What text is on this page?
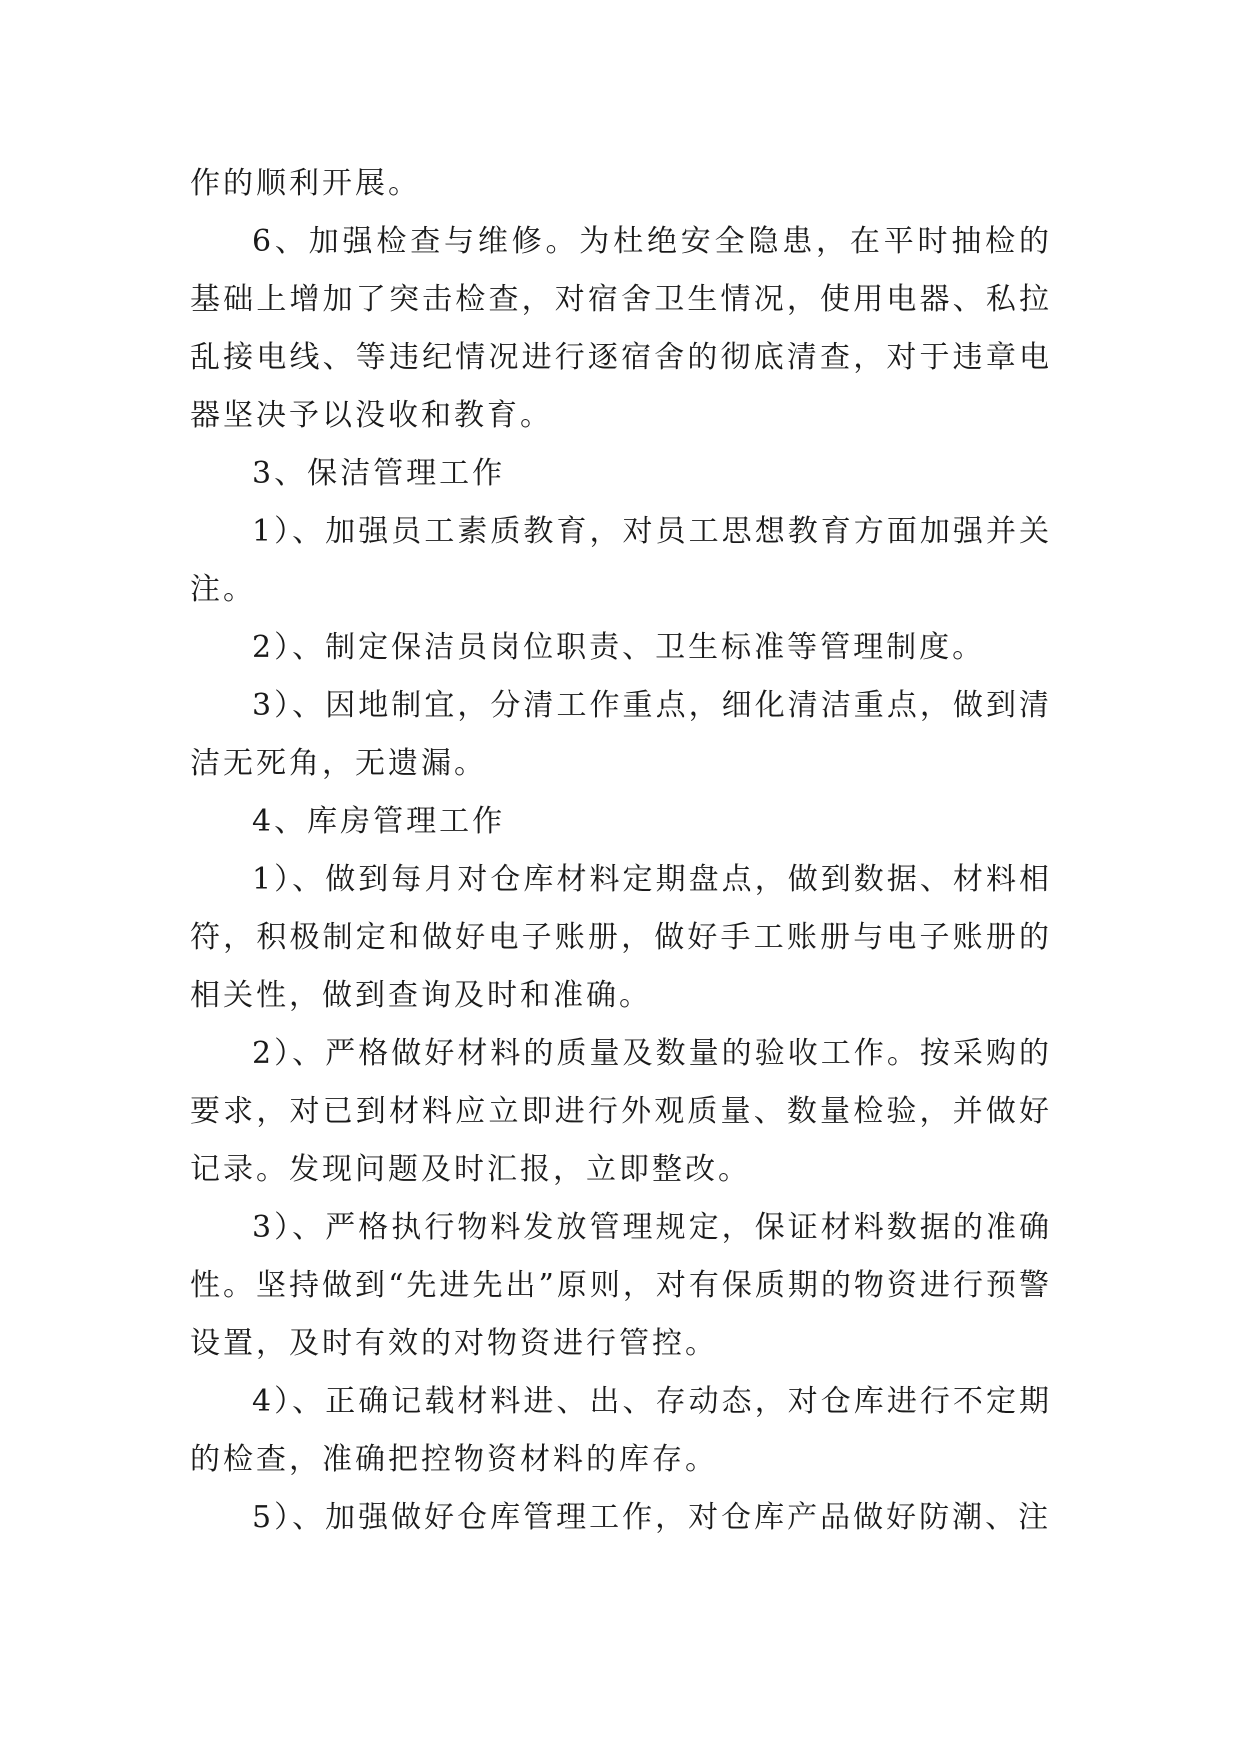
作的顺利开展。

6、加强检查与维修。为杜绝安全隐患，在平时抽检的基础上增加了突击检查，对宿舍卫生情况，使用电器、私拉乱接电线、等违纪情况进行逐宿舍的彻底清查，对于违章电器坚决予以没收和教育。

3、保洁管理工作

1）、加强员工素质教育，对员工思想教育方面加强并关注。

2）、制定保洁员岗位职责、卫生标准等管理制度。

3）、因地制宜，分清工作重点，细化清洁重点，做到清洁无死角，无遗漏。

4、库房管理工作

1）、做到每月对仓库材料定期盘点，做到数据、材料相符，积极制定和做好电子账册，做好手工账册与电子账册的相关性，做到查询及时和准确。

2）、严格做好材料的质量及数量的验收工作。按采购的要求，对已到材料应立即进行外观质量、数量检验，并做好记录。发现问题及时汇报，立即整改。

3）、严格执行物料发放管理规定，保证材料数据的准确性。坚持做到“先进先出”原则，对有保质期的物资进行预警设置，及时有效的对物资进行管控。

4）、正确记载材料进、出、存动态，对仓库进行不定期的检查，准确把控物资材料的库存。

5）、加强做好仓库管理工作，对仓库产品做好防潮、注
